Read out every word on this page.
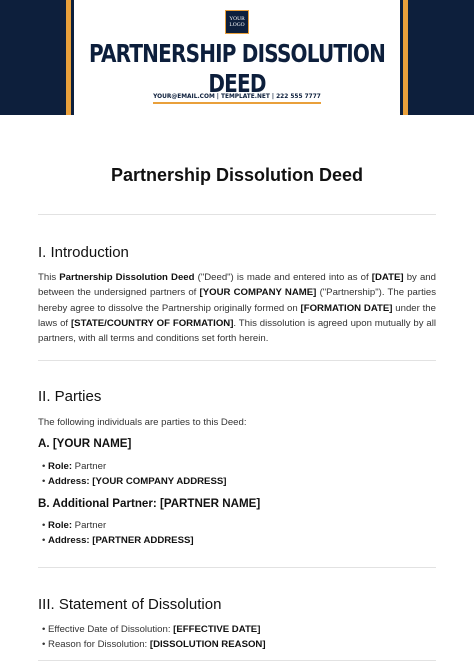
YOUR LOGO
PARTNERSHIP DISSOLUTION DEED
YOUR@EMAIL.COM | TEMPLATE.NET | 222 555 7777
Partnership Dissolution Deed
I. Introduction
This Partnership Dissolution Deed ("Deed") is made and entered into as of [DATE] by and between the undersigned partners of [YOUR COMPANY NAME] ("Partnership"). The parties hereby agree to dissolve the Partnership originally formed on [FORMATION DATE] under the laws of [STATE/COUNTRY OF FORMATION]. This dissolution is agreed upon mutually by all partners, with all terms and conditions set forth herein.
II. Parties
The following individuals are parties to this Deed:
A. [YOUR NAME]
• Role: Partner
• Address: [YOUR COMPANY ADDRESS]
B. Additional Partner: [PARTNER NAME]
• Role: Partner
• Address: [PARTNER ADDRESS]
III. Statement of Dissolution
• Effective Date of Dissolution: [EFFECTIVE DATE]
• Reason for Dissolution: [DISSOLUTION REASON]
